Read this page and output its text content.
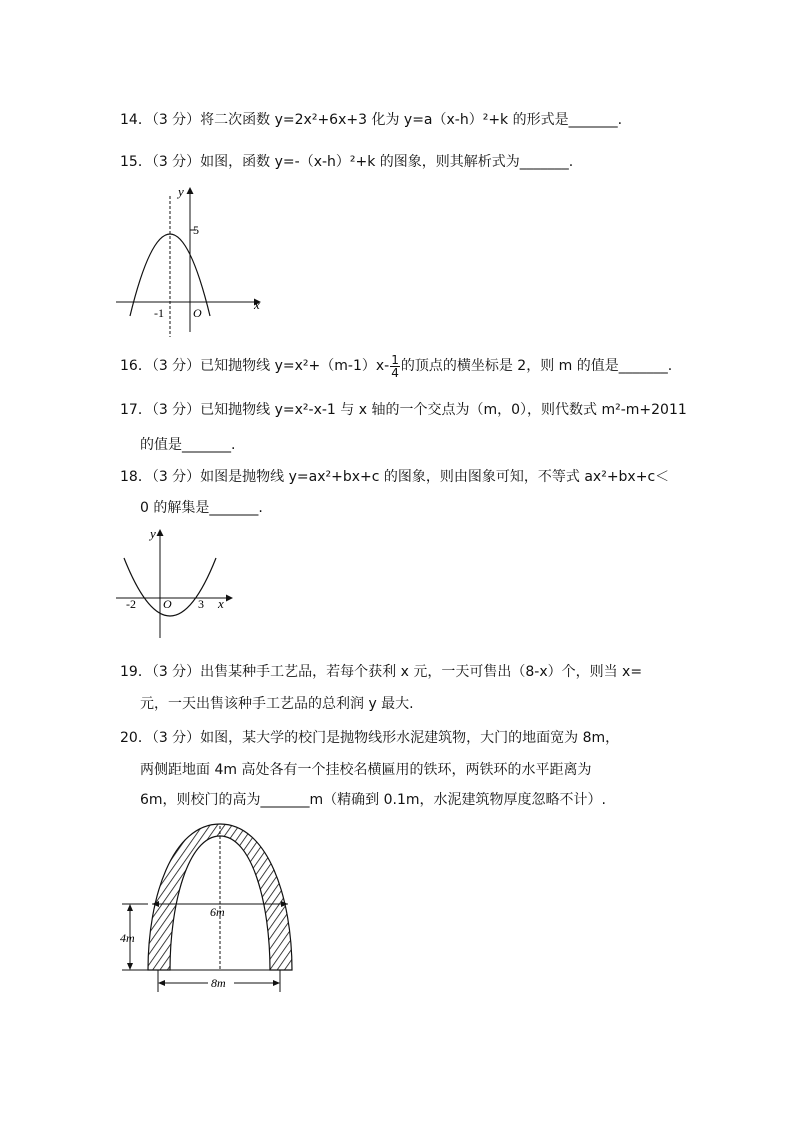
14．（3 分）将二次函数 y=2x²+6x+3 化为 y=a（x-h）²+k 的形式是_______.
15．（3 分）如图，函数 y=-（x-h）²+k 的图象，则其解析式为_______.
y
x
5
-1 O
16．（3 分）已知抛物线 $y=x^2+(m-1)x- \frac{1}{4}$ 的顶点的横坐标是 2，则 m 的值是_______.
17．（3 分）已知抛物线 y=x²-x-1 与 x 轴的一个交点为（m，0），则代数式 m²-m+2011
的值是_______.
18．（3 分）如图是抛物线 y=ax²+bx+c 的图象，则由图象可知，不等式 ax²+bx+c＜
0 的解集是_______.
y
x
-2 O 3
19．（3 分）出售某种手工艺品，若每个获利 x 元，一天可售出（8-x）个，则当 x=
元，一天出售该种手工艺品的总利润 y 最大.
20．（3 分）如图，某大学的校门是抛物线形水泥建筑物，大门的地面宽为 8m，
两侧距地面 4m 高处各有一个挂校名横匾用的铁环，两铁环的水平距离为
6m，则校门的高为_______m（精确到 0.1m，水泥建筑物厚度忽略不计）.
6m
4m
8m
